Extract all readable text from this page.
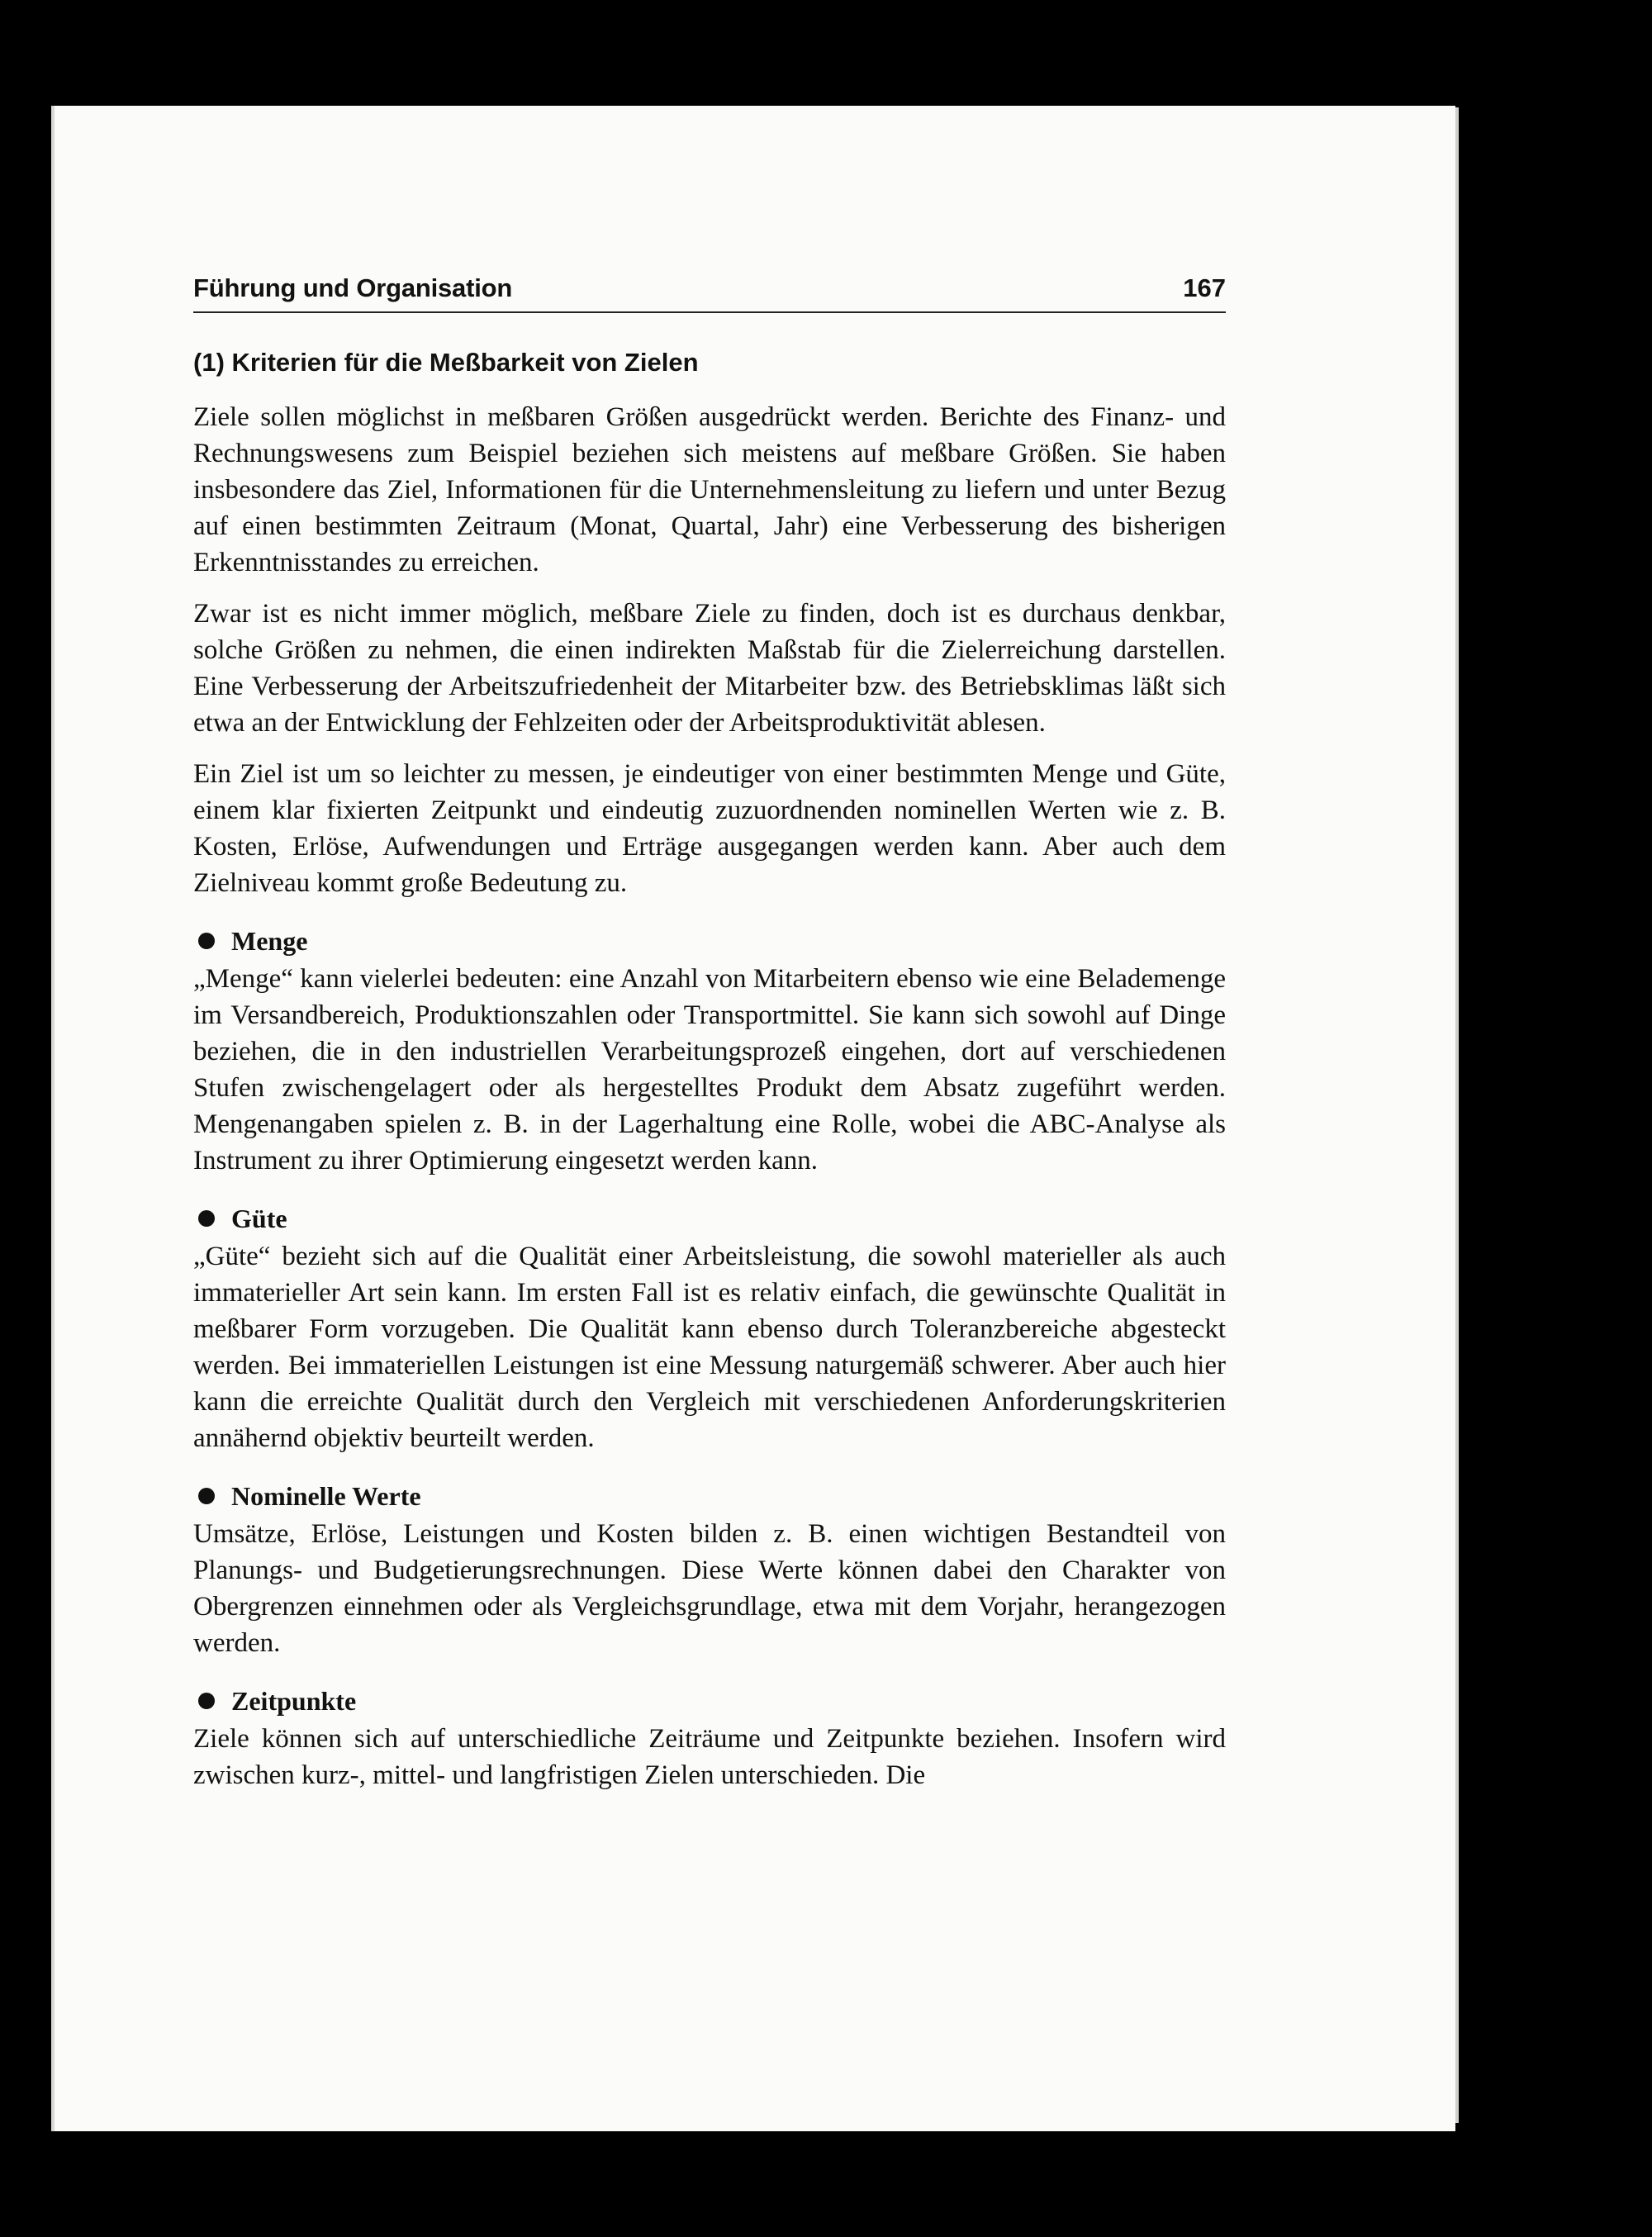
Führung und Organisation	167
(1) Kriterien für die Meßbarkeit von Zielen

Ziele sollen möglichst in meßbaren Größen ausgedrückt werden. Berichte des Finanz- und Rechnungswesens zum Beispiel beziehen sich meistens auf meßbare Größen. Sie haben insbesondere das Ziel, Informationen für die Unternehmensleitung zu liefern und unter Bezug auf einen bestimmten Zeitraum (Monat, Quartal, Jahr) eine Verbesserung des bisherigen Erkenntnisstandes zu erreichen.

Zwar ist es nicht immer möglich, meßbare Ziele zu finden, doch ist es durchaus denkbar, solche Größen zu nehmen, die einen indirekten Maßstab für die Zielerreichung darstellen. Eine Verbesserung der Arbeitszufriedenheit der Mitarbeiter bzw. des Betriebsklimas läßt sich etwa an der Entwicklung der Fehlzeiten oder der Arbeitsproduktivität ablesen.

Ein Ziel ist um so leichter zu messen, je eindeutiger von einer bestimmten Menge und Güte, einem klar fixierten Zeitpunkt und eindeutig zuzuordnenden nominellen Werten wie z. B. Kosten, Erlöse, Aufwendungen und Erträge ausgegangen werden kann. Aber auch dem Zielniveau kommt große Bedeutung zu.

Menge

„Menge“ kann vielerlei bedeuten: eine Anzahl von Mitarbeitern ebenso wie eine Belademenge im Versandbereich, Produktionszahlen oder Transportmittel. Sie kann sich sowohl auf Dinge beziehen, die in den industriellen Verarbeitungsprozeß eingehen, dort auf verschiedenen Stufen zwischengelagert oder als hergestelltes Produkt dem Absatz zugeführt werden. Mengenangaben spielen z. B. in der Lagerhaltung eine Rolle, wobei die ABC-Analyse als Instrument zu ihrer Optimierung eingesetzt werden kann.

Güte

„Güte“ bezieht sich auf die Qualität einer Arbeitsleistung, die sowohl materieller als auch immaterieller Art sein kann. Im ersten Fall ist es relativ einfach, die gewünschte Qualität in meßbarer Form vorzugeben. Die Qualität kann ebenso durch Toleranzbereiche abgesteckt werden. Bei immateriellen Leistungen ist eine Messung naturgemäß schwerer. Aber auch hier kann die erreichte Qualität durch den Vergleich mit verschiedenen Anforderungskriterien annähernd objektiv beurteilt werden.

Nominelle Werte

Umsätze, Erlöse, Leistungen und Kosten bilden z. B. einen wichtigen Bestandteil von Planungs- und Budgetierungsrechnungen. Diese Werte können dabei den Charakter von Obergrenzen einnehmen oder als Vergleichsgrundlage, etwa mit dem Vorjahr, herangezogen werden.

Zeitpunkte

Ziele können sich auf unterschiedliche Zeiträume und Zeitpunkte beziehen. Insofern wird zwischen kurz-, mittel- und langfristigen Zielen unterschieden. Die
